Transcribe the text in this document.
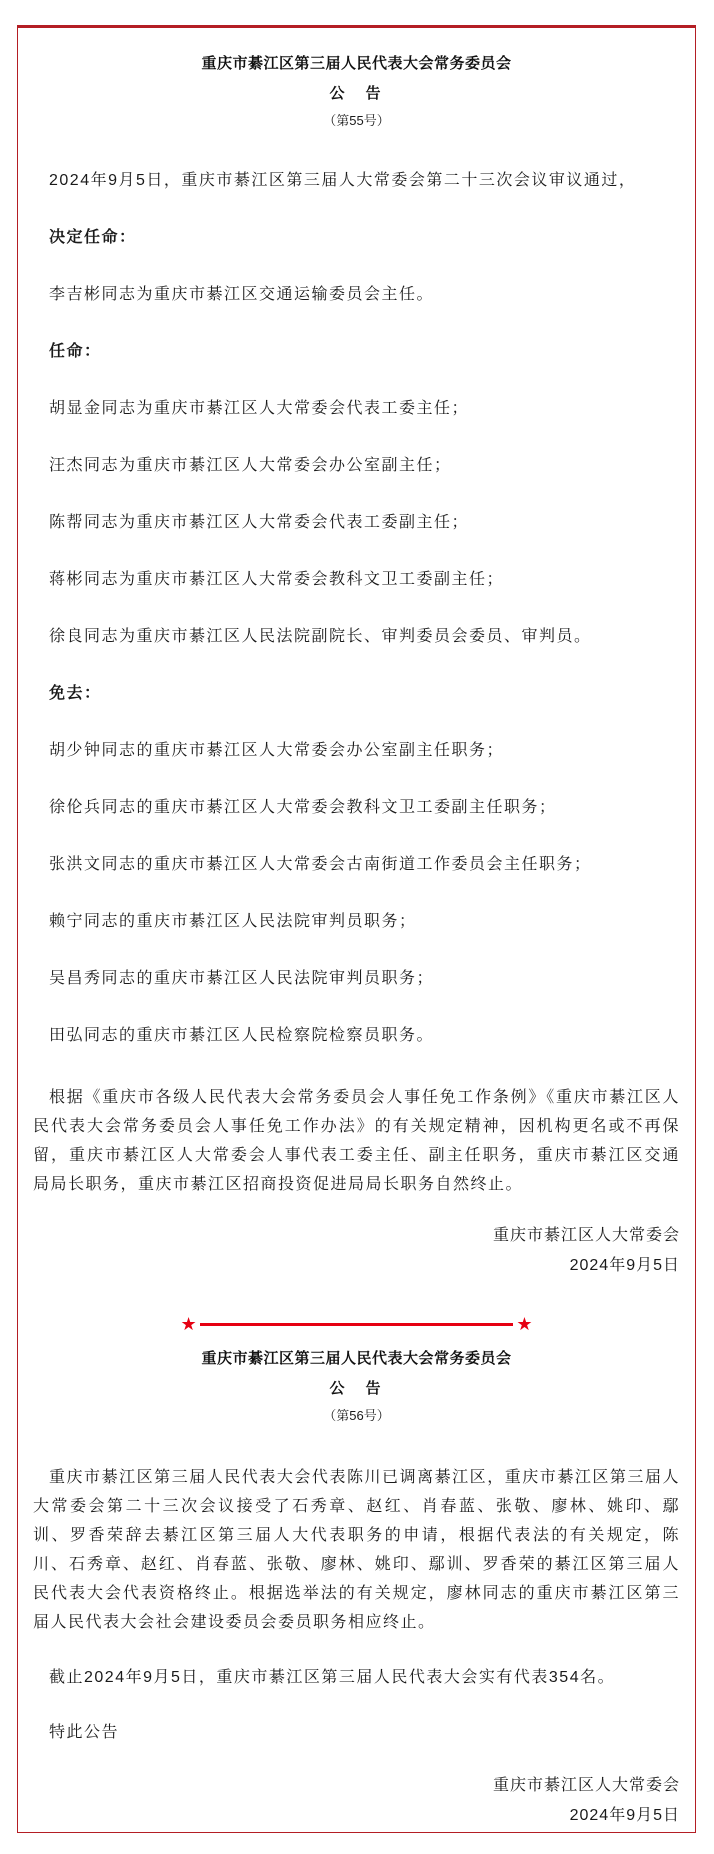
重庆市綦江区第三届人民代表大会常务委员会
公　告
（第55号）

2024年9月5日，重庆市綦江区第三届人大常委会第二十三次会议审议通过，

决定任命：

李吉彬同志为重庆市綦江区交通运输委员会主任。

任命：

胡显金同志为重庆市綦江区人大常委会代表工委主任；

汪杰同志为重庆市綦江区人大常委会办公室副主任；

陈帮同志为重庆市綦江区人大常委会代表工委副主任；

蒋彬同志为重庆市綦江区人大常委会教科文卫工委副主任；

徐良同志为重庆市綦江区人民法院副院长、审判委员会委员、审判员。

免去：

胡少钟同志的重庆市綦江区人大常委会办公室副主任职务；

徐伦兵同志的重庆市綦江区人大常委会教科文卫工委副主任职务；

张洪文同志的重庆市綦江区人大常委会古南街道工作委员会主任职务；

赖宁同志的重庆市綦江区人民法院审判员职务；

吴昌秀同志的重庆市綦江区人民法院审判员职务；

田弘同志的重庆市綦江区人民检察院检察员职务。

根据《重庆市各级人民代表大会常务委员会人事任免工作条例》《重庆市綦江区人民代表大会常务委员会人事任免工作办法》的有关规定精神，因机构更名或不再保留，重庆市綦江区人大常委会人事代表工委主任、副主任职务，重庆市綦江区交通局局长职务，重庆市綦江区招商投资促进局局长职务自然终止。

重庆市綦江区人大常委会
2024年9月5日
★	★
重庆市綦江区第三届人民代表大会常务委员会
公　告
（第56号）

重庆市綦江区第三届人民代表大会代表陈川已调离綦江区，重庆市綦江区第三届人大常委会第二十三次会议接受了石秀章、赵红、肖春蓝、张敬、廖林、姚印、鄢训、罗香荣辞去綦江区第三届人大代表职务的申请，根据代表法的有关规定，陈川、石秀章、赵红、肖春蓝、张敬、廖林、姚印、鄢训、罗香荣的綦江区第三届人民代表大会代表资格终止。根据选举法的有关规定，廖林同志的重庆市綦江区第三届人民代表大会社会建设委员会委员职务相应终止。

截止2024年9月5日，重庆市綦江区第三届人民代表大会实有代表354名。

特此公告

重庆市綦江区人大常委会
2024年9月5日
